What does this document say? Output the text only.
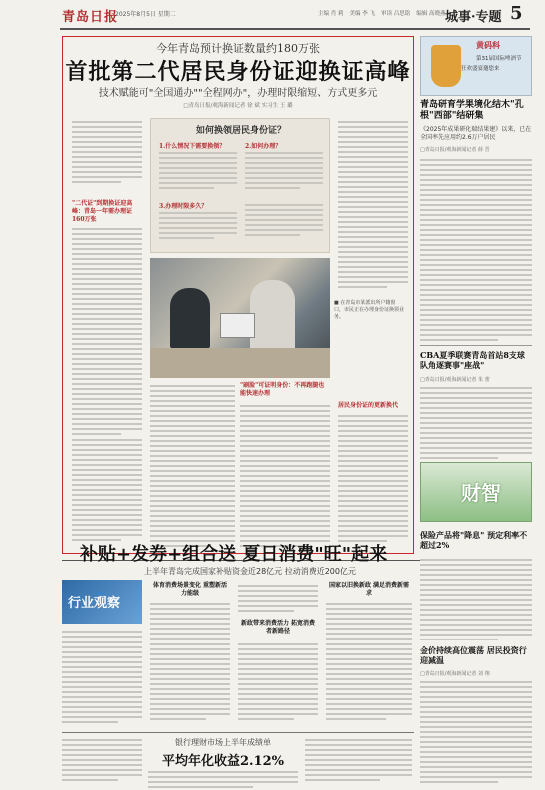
青岛日报
2025年8月5日 星期二	主编 肖 莉 美编 李 飞 审读 吕思铭 编辑 高晓燕 城事·专题 5
今年青岛预计换证数量约180万张
首批第二代居民身份证迎换证高峰
技术赋能可"全国通办""全程网办"，办理时限缩短、方式更多元
□青岛日报/观海新闻记者 徐 斌 实习生 王 璐
"二代证"到期换证迎高峰：青岛一年需办理证160万张
如何换领居民身份证？
1.什么情况下需要换领？	2.如何办理？
3.办理时限多久？
■ 在青岛市某派出所户籍窗口，市民正在办理身份证换领业务。
"刷脸"可证明身份：不再跑腿也能快速办理
居民身份证的更新换代
黄码科
第31届国际啤酒节
狂欢盛宴邀您来
青岛研育学果境化结木"孔根"西部"结研集
《2025年成果研化瑞结果建》以来，已在全国率先应用约2.6万户居民
□青岛日报/观海新闻记者 薛 晋
CBA夏季联赛青岛首站8支球队角逐赛事"座战"
□青岛日报/观海新闻记者 朱 蕾
财智
补贴+发券+组合送 夏日消费"旺"起来
上半年青岛完成国家补贴资金近28亿元 拉动消费近200亿元
行业观察
体育消费场景变化 重塑新活力能级
新政带来消费活力 拓宽消费者新路径
国家以旧换新政 满足消费新需求
保险产品将"降息" 预定利率不超过2%
金价持续高位震荡 居民投资行迎减温
□青岛日报/观海新闻记者 刘 翔
银行理财市场上半年成绩单
平均年化收益2.12%
